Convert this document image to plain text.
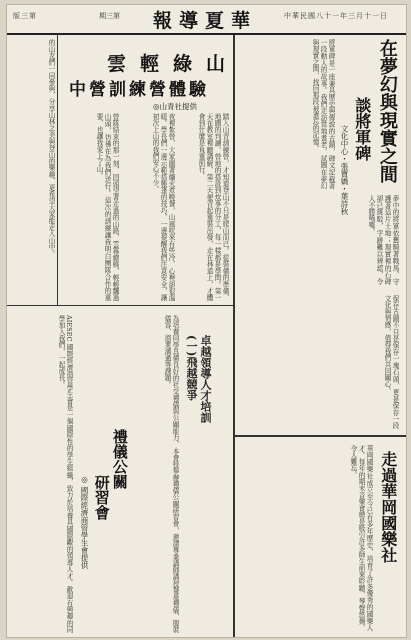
版三第	期三第 報導夏華	中華民國八十一年三月十一日
的山友們一同參與，分享山林之美與登山的樂趣，更希望大家能走入山中。	雲輕綠山
中營訓練營體驗
◎山青社提供
踏入山青訓練營，才知道登山不只是爬山而已。從裝備的準備、地圖的判讀、營地的搭設到炊事的分工，每一樣都是學問。第一天在教室裡聽講解，第二天便背起重裝出發，走在林道上，才體會到什麼是負重前行。
夜裡紮營，大家圍著爐火煮晚餐，山風吹來有些冷，心裡卻很溫暖。學長們一邊示範搭帳篷的技巧，一邊提醒我們注意安全，讓初次上山的我們安心不少。
營隊結束的那一刻，回頭望著走過的山路，雲霧繚繞，輕輕飄過山頭，彷彿在為我們送行。這次的訓練讓我明白團隊合作的重要，也讓我愛上了山。
卓越領導人才培訓
(一)飛越競爭
為培養同學具備良好的社交禮儀與公關能力，本會特舉辦禮儀公關研習會，邀請專業講師講授餐桌禮儀、服裝儀容、商業溝通等課題。
禮儀公關
研習會
◎ 國際經濟商管學生會提供
AIESEC 國際經濟商管學生會是一個國際性的學生組織，致力於培養具國際觀的領導人才。歡迎有興趣的同學加入我們，一起成長。
在夢幻與現實之間
談將軍碑
文化中心・張寶嬌・葉詩秋
將軍碑是一座兼具歷史與傳說的古蹟，碑文記載著一段動人的故事。我們走訪當地耆老，試圖在夢幻與現實之間，找回那段被遺忘的記憶。
夢中的將軍依舊騎著戰馬，守護著這片土地；現實裡的石碑卻已斑駁，字跡難以辨認，令人不勝唏噓。
保存古蹟不只是保存一塊石頭，更是保存一段文化與情感，值得我們共同關心。
走過華岡國樂社
華岡國樂社成立至今已有多年歷史，培育了許多優秀的國樂人才。每年的期末音樂會總是吸引許多師生前來聆聽，琴聲悠揚，令人難忘。
